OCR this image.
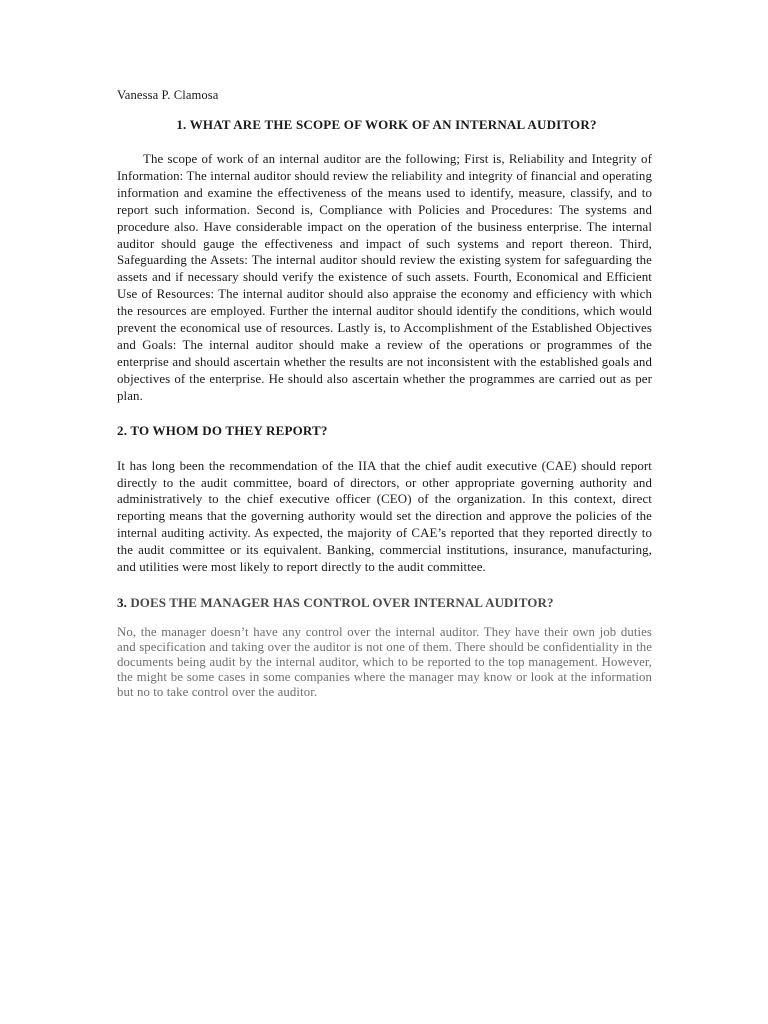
Vanessa P. Clamosa
1. WHAT ARE THE SCOPE OF WORK OF AN INTERNAL AUDITOR?

The scope of work of an internal auditor are the following; First is, Reliability and Integrity of Information: The internal auditor should review the reliability and integrity of financial and operating information and examine the effectiveness of the means used to identify, measure, classify, and to report such information. Second is, Compliance with Policies and Procedures: The systems and procedure also. Have considerable impact on the operation of the business enterprise. The internal auditor should gauge the effectiveness and impact of such systems and report thereon. Third, Safeguarding the Assets: The internal auditor should review the existing system for safeguarding the assets and if necessary should verify the existence of such assets. Fourth, Economical and Efficient Use of Resources: The internal auditor should also appraise the economy and efficiency with which the resources are employed. Further the internal auditor should identify the conditions, which would prevent the economical use of resources. Lastly is, to Accomplishment of the Established Objectives and Goals: The internal auditor should make a review of the operations or programmes of the enterprise and should ascertain whether the results are not inconsistent with the established goals and objectives of the enterprise. He should also ascertain whether the programmes are carried out as per plan.

2. TO WHOM DO THEY REPORT?

It has long been the recommendation of the IIA that the chief audit executive (CAE) should report directly to the audit committee, board of directors, or other appropriate governing authority and administratively to the chief executive officer (CEO) of the organization. In this context, direct reporting means that the governing authority would set the direction and approve the policies of the internal auditing activity. As expected, the majority of CAE’s reported that they reported directly to the audit committee or its equivalent. Banking, commercial institutions, insurance, manufacturing, and utilities were most likely to report directly to the audit committee.

3. DOES THE MANAGER HAS CONTROL OVER INTERNAL AUDITOR?

No, the manager doesn’t have any control over the internal auditor. They have their own job duties and specification and taking over the auditor is not one of them. There should be confidentiality in the documents being audit by the internal auditor, which to be reported to the top management. However, the might be some cases in some companies where the manager may know or look at the information but no to take control over the auditor.
